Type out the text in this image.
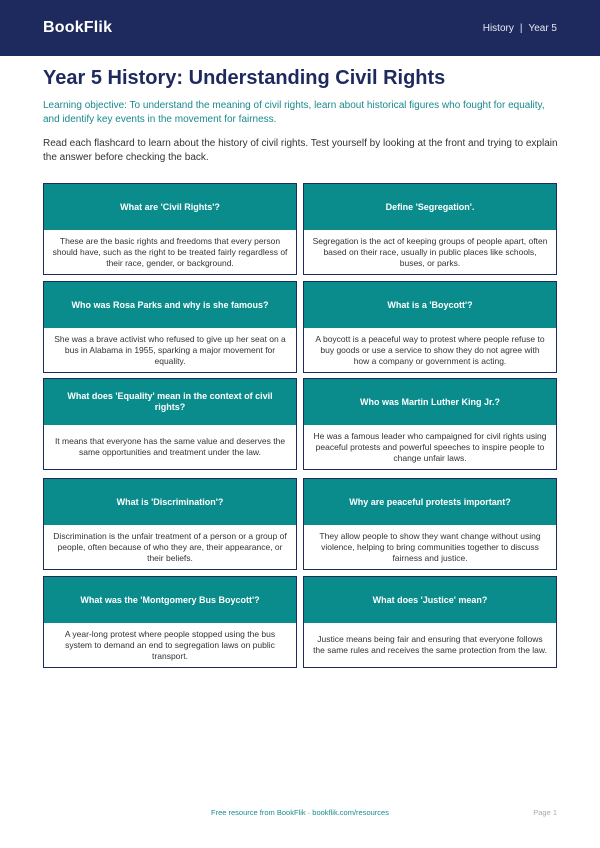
BookFlik	History | Year 5
Year 5 History: Understanding Civil Rights

Learning objective: To understand the meaning of civil rights, learn about historical figures who fought for equality, and identify key events in the movement for fairness.

Read each flashcard to learn about the history of civil rights. Test yourself by looking at the front and trying to explain the answer before checking the back.

What are 'Civil Rights'?
These are the basic rights and freedoms that every person should have, such as the right to be treated fairly regardless of their race, gender, or background.
Define 'Segregation'.
Segregation is the act of keeping groups of people apart, often based on their race, usually in public places like schools, buses, or parks.
Who was Rosa Parks and why is she famous?
She was a brave activist who refused to give up her seat on a bus in Alabama in 1955, sparking a major movement for equality.
What is a 'Boycott'?
A boycott is a peaceful way to protest where people refuse to buy goods or use a service to show they do not agree with how a company or government is acting.
What does 'Equality' mean in the context of civil rights?
It means that everyone has the same value and deserves the same opportunities and treatment under the law.
Who was Martin Luther King Jr.?
He was a famous leader who campaigned for civil rights using peaceful protests and powerful speeches to inspire people to change unfair laws.
What is 'Discrimination'?
Discrimination is the unfair treatment of a person or a group of people, often because of who they are, their appearance, or their beliefs.
Why are peaceful protests important?
They allow people to show they want change without using violence, helping to bring communities together to discuss fairness and justice.
What was the 'Montgomery Bus Boycott'?
A year-long protest where people stopped using the bus system to demand an end to segregation laws on public transport.
What does 'Justice' mean?
Justice means being fair and ensuring that everyone follows the same rules and receives the same protection from the law.
Free resource from BookFlik · bookflik.com/resources	Page 1
